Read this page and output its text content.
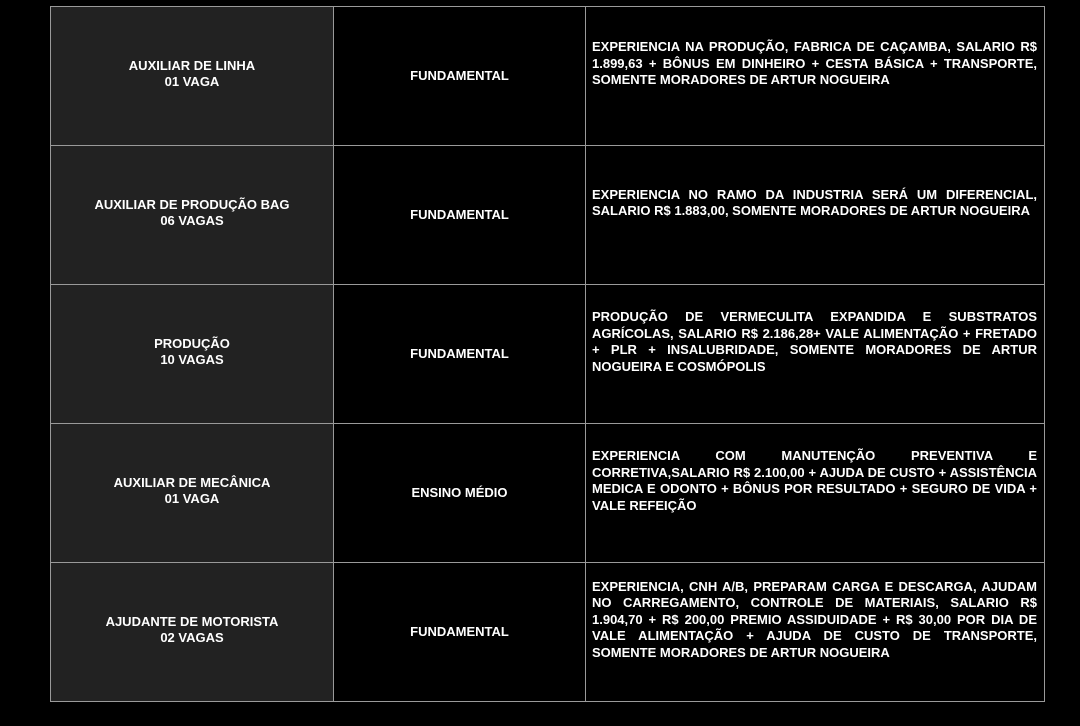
AUXILIAR DE LINHA
01 VAGA	FUNDAMENTAL	EXPERIENCIA NA PRODUÇÃO, FABRICA DE CAÇAMBA, SALARIO R$ 1.899,63 + BÔNUS EM DINHEIRO + CESTA BÁSICA + TRANSPORTE, SOMENTE MORADORES DE ARTUR NOGUEIRA

AUXILIAR DE PRODUÇÃO BAG
06 VAGAS	FUNDAMENTAL	EXPERIENCIA NO RAMO DA INDUSTRIA SERÁ UM DIFERENCIAL, SALARIO R$ 1.883,00, SOMENTE MORADORES DE ARTUR NOGUEIRA

PRODUÇÃO
10 VAGAS	FUNDAMENTAL	PRODUÇÃO DE VERMECULITA EXPANDIDA E SUBSTRATOS AGRÍCOLAS, SALARIO R$ 2.186,28+ VALE ALIMENTAÇÃO + FRETADO + PLR + INSALUBRIDADE, SOMENTE MORADORES DE ARTUR NOGUEIRA E COSMÓPOLIS

AUXILIAR DE MECÂNICA
01 VAGA	ENSINO MÉDIO	EXPERIENCIA COM MANUTENÇÃO PREVENTIVA E CORRETIVA,SALARIO R$ 2.100,00 + AJUDA DE CUSTO + ASSISTÊNCIA MEDICA E ODONTO + BÔNUS POR RESULTADO + SEGURO DE VIDA + VALE REFEIÇÃO

AJUDANTE DE MOTORISTA
02 VAGAS	FUNDAMENTAL	EXPERIENCIA, CNH A/B, PREPARAM CARGA E DESCARGA, AJUDAM NO CARREGAMENTO, CONTROLE DE MATERIAIS, SALARIO R$ 1.904,70 + R$ 200,00 PREMIO ASSIDUIDADE + R$ 30,00 POR DIA DE VALE ALIMENTAÇÃO + AJUDA DE CUSTO DE TRANSPORTE, SOMENTE MORADORES DE ARTUR NOGUEIRA
